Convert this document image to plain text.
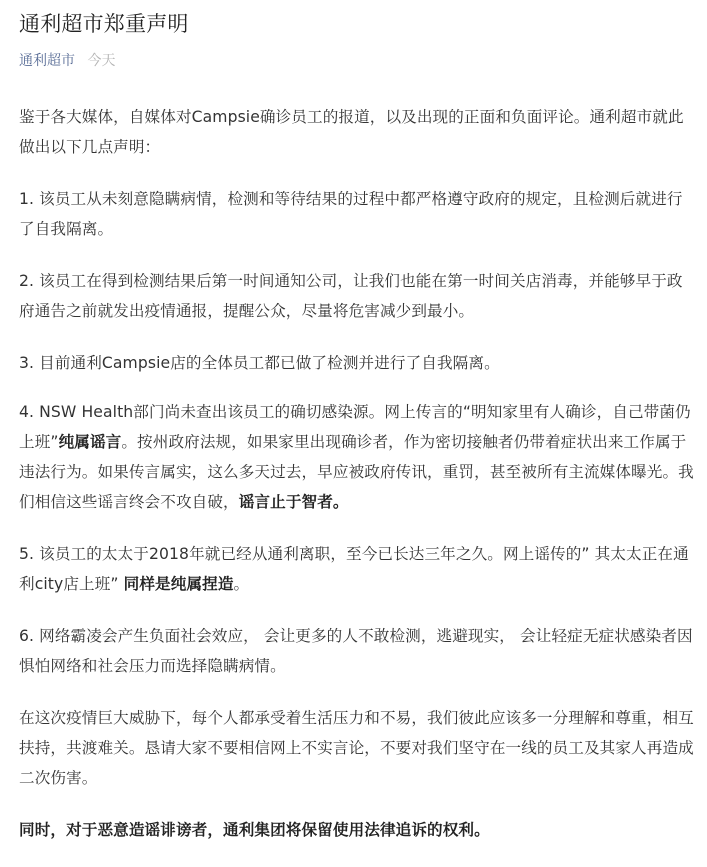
通利超市郑重声明
通利超市 今天

鉴于各大媒体，自媒体对Campsie确诊员工的报道，以及出现的正面和负面评论。通利超市就此做出以下几点声明：

1. 该员工从未刻意隐瞒病情，检测和等待结果的过程中都严格遵守政府的规定，且检测后就进行了自我隔离。

2. 该员工在得到检测结果后第一时间通知公司，让我们也能在第一时间关店消毒，并能够早于政府通告之前就发出疫情通报，提醒公众，尽量将危害减少到最小。

3. 目前通利Campsie店的全体员工都已做了检测并进行了自我隔离。

4. NSW Health部门尚未查出该员工的确切感染源。网上传言的“明知家里有人确诊，自己带菌仍上班”纯属谣言。按州政府法规，如果家里出现确诊者，作为密切接触者仍带着症状出来工作属于违法行为。如果传言属实，这么多天过去，早应被政府传讯，重罚，甚至被所有主流媒体曝光。我们相信这些谣言终会不攻自破，谣言止于智者。

5. 该员工的太太于2018年就已经从通利离职，至今已长达三年之久。网上谣传的” 其太太正在通利city店上班” 同样是纯属捏造。

6. 网络霸凌会产生负面社会效应， 会让更多的人不敢检测，逃避现实， 会让轻症无症状感染者因惧怕网络和社会压力而选择隐瞒病情。

在这次疫情巨大威胁下，每个人都承受着生活压力和不易，我们彼此应该多一分理解和尊重，相互扶持，共渡难关。恳请大家不要相信网上不实言论，不要对我们坚守在一线的员工及其家人再造成二次伤害。

同时，对于恶意造谣诽谤者，通利集团将保留使用法律追诉的权利。
